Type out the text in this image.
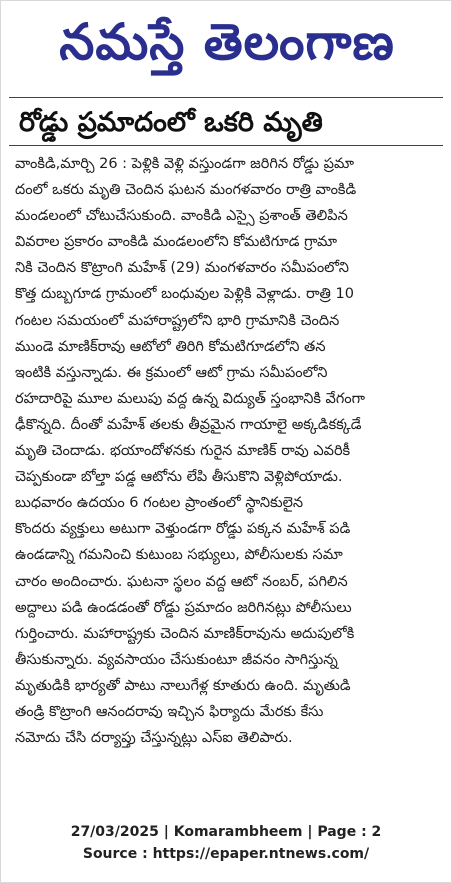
నమస్తే తెలంగాణ
రోడ్డు ప్రమాదంలో ఒకరి మృతి
వాంకిడి,మార్చి 26 : పెళ్లికి వెళ్లి వస్తుండగా జరిగిన రోడ్డు ప్రమా
దంలో ఒకరు మృతి చెందిన ఘటన మంగళవారం రాత్రి వాంకిడి
మండలంలో చోటుచేసుకుంది. వాంకిడి ఎస్సై ప్రశాంత్ తెలిపిన
వివరాల ప్రకారం వాంకిడి మండలంలోని కోమటిగూడ గ్రామా
నికి చెందిన కొట్రాంగి మహేశ్ (29) మంగళవారం సమీపంలోని
కొత్త దుబ్బగూడ గ్రామంలో బంధువుల పెళ్లికి వెళ్లాడు. రాత్రి 10
గంటల సమయంలో మహారాష్ట్రలోని భారి గ్రామానికి చెందిన
ముండె మాణిక్‌రావు ఆటోలో తిరిగి కోమటిగూడలోని తన
ఇంటికి వస్తున్నాడు. ఈ క్రమంలో ఆటో గ్రామ సమీపంలోని
రహదారిపై మూల మలుపు వద్ద ఉన్న విద్యుత్ స్తంభానికి వేగంగా
ఢీకొన్నది. దీంతో మహేశ్ తలకు తీవ్రమైన గాయాలై అక్కడికక్కడే
మృతి చెందాడు. భయాందోళనకు గురైన మాణిక్ రావు ఎవరికీ
చెప్పకుండా బోల్తా పడ్డ ఆటోను లేపి తీసుకొని వెళ్లిపోయాడు.
బుధవారం ఉదయం 6 గంటల ప్రాంతంలో స్థానికులైన
కొందరు వ్యక్తులు అటుగా వెళ్తుండగా రోడ్డు పక్కన మహేశ్ పడి
ఉండడాన్ని గమనించి కుటుంబ సభ్యులు, పోలీసులకు సమా
చారం అందించారు. ఘటనా స్థలం వద్ద ఆటో నంబర్, పగిలిన
అద్దాలు పడి ఉండడంతో రోడ్డు ప్రమాదం జరిగినట్లు పోలీసులు
గుర్తించారు. మహారాష్ట్రకు చెందిన మాణిక్‌రావును అదుపులోకి
తీసుకున్నారు. వ్యవసాయం చేసుకుంటూ జీవనం సాగిస్తున్న
మృతుడికి భార్యతో పాటు నాలుగేళ్ల కూతురు ఉంది. మృతుడి
తండ్రి కొట్రాంగి ఆనందరావు ఇచ్చిన ఫిర్యాదు మేరకు కేసు
నమోదు చేసి దర్యాప్తు చేస్తున్నట్లు ఎస్ఐ తెలిపారు.
27/03/2025 | Komarambheem | Page : 2
Source : https://epaper.ntnews.com/
